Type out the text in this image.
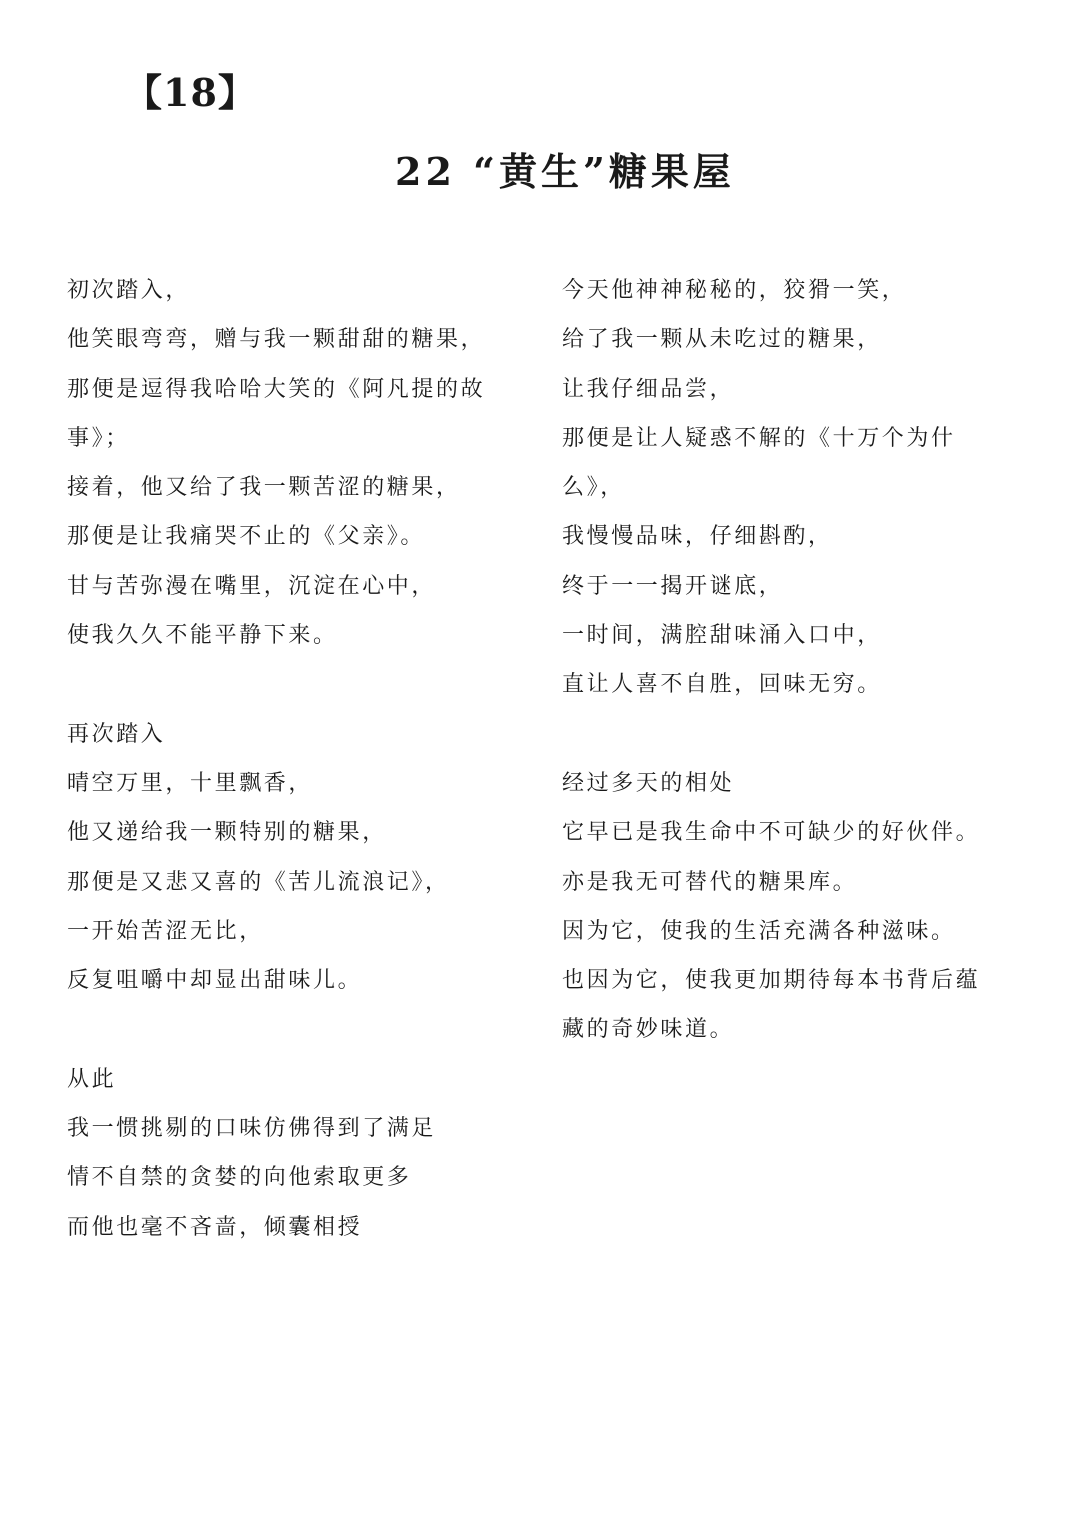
【18】
22 “黄生”糖果屋
初次踏入，
他笑眼弯弯，赠与我一颗甜甜的糖果，
那便是逗得我哈哈大笑的《阿凡提的故
事》；
接着，他又给了我一颗苦涩的糖果，
那便是让我痛哭不止的《父亲》。
甘与苦弥漫在嘴里，沉淀在心中，
使我久久不能平静下来。
再次踏入
晴空万里，十里飘香，
他又递给我一颗特别的糖果，
那便是又悲又喜的《苦儿流浪记》，
一开始苦涩无比，
反复咀嚼中却显出甜味儿。
从此
我一惯挑剔的口味仿佛得到了满足
情不自禁的贪婪的向他索取更多
而他也毫不吝啬，倾囊相授
今天他神神秘秘的，狡猾一笑，
给了我一颗从未吃过的糖果，
让我仔细品尝，
那便是让人疑惑不解的《十万个为什
么》，
我慢慢品味，仔细斟酌，
终于一一揭开谜底，
一时间，满腔甜味涌入口中，
直让人喜不自胜，回味无穷。
经过多天的相处
它早已是我生命中不可缺少的好伙伴。
亦是我无可替代的糖果库。
因为它，使我的生活充满各种滋味。
也因为它，使我更加期待每本书背后蕴
藏的奇妙味道。
